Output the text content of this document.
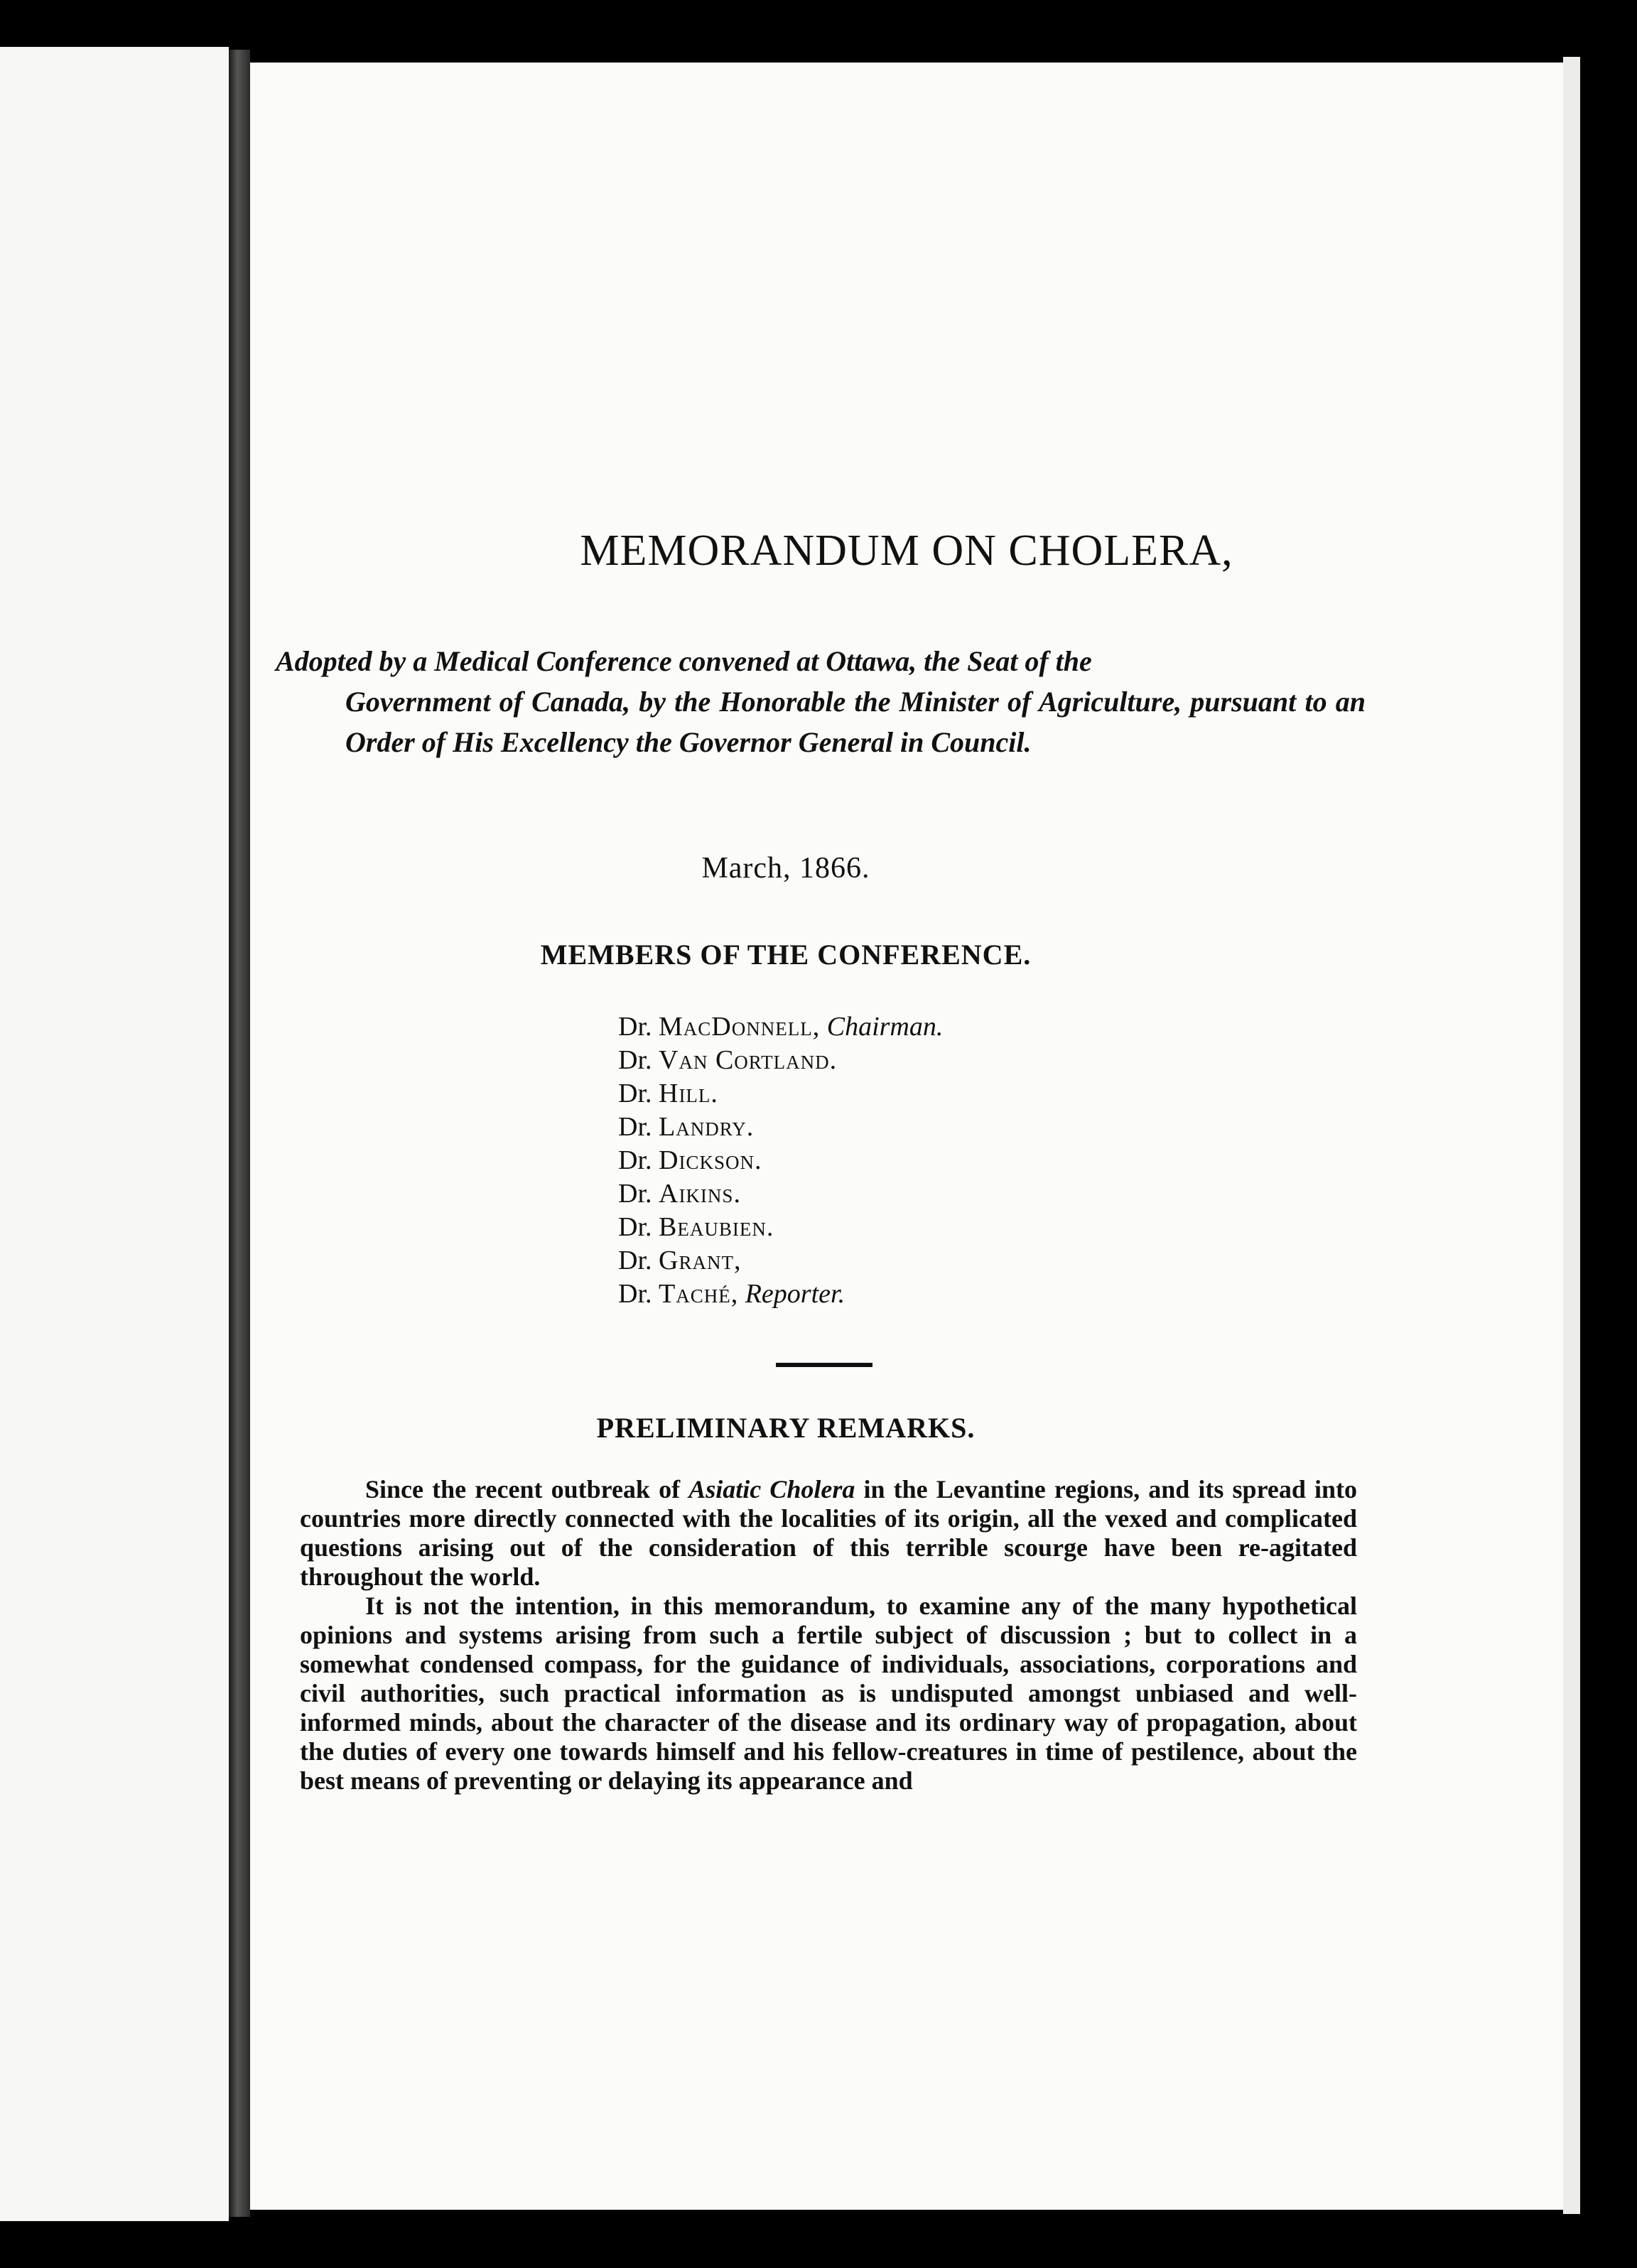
MEMORANDUM ON CHOLERA,
Adopted by a Medical Conference convened at Ottawa, the Seat of the
Government of Canada, by the Honorable the Minister of Agriculture, pursuant to an Order of His Excellency the Governor General in Council.
March, 1866.
MEMBERS OF THE CONFERENCE.
Dr. MacDonnell, Chairman.
Dr. Van Cortland.
Dr. Hill.
Dr. Landry.
Dr. Dickson.
Dr. Aikins.
Dr. Beaubien.
Dr. Grant,
Dr. Taché, Reporter.
PRELIMINARY REMARKS.

Since the recent outbreak of Asiatic Cholera in the Levantine regions, and its spread into countries more directly connected with the localities of its origin, all the vexed and complicated questions arising out of the consideration of this terrible scourge have been re-agitated throughout the world.

It is not the intention, in this memorandum, to examine any of the many hypothetical opinions and systems arising from such a fertile subject of discussion ; but to collect in a somewhat condensed compass, for the guidance of individuals, associations, corporations and civil authorities, such practical information as is undisputed amongst unbiased and well-informed minds, about the character of the disease and its ordinary way of propagation, about the duties of every one towards himself and his fellow-creatures in time of pestilence, about the best means of preventing or delaying its appearance and
